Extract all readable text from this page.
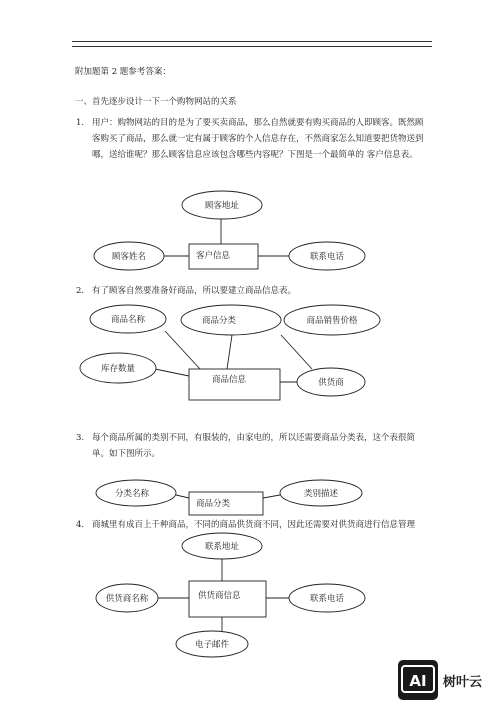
附加题第 2 题参考答案：
一、首先逐步设计一下一个购物网站的关系
1. 用户：购物网站的目的是为了要买卖商品，那么自然就要有购买商品的人即顾客。既然顾客购买了商品，那么就一定有属于顾客的个人信息存在，不然商家怎么知道要把货物送到哪，送给谁呢？那么顾客信息应该包含哪些内容呢？下图是一个最简单的 客户信息表。
顾客地址
顾客姓名	客户信息	联系电话
2. 有了顾客自然要准备好商品，所以要建立商品信息表。
商品名称	商品分类	商品销售价格
库存数量
商品信息	供货商
3. 每个商品所属的类别不同，有服装的，由家电的，所以还需要商品分类表，这个表很简单。如下图所示。
分类名称
商品分类
类别描述
4. 商城里有成百上千种商品，不同的商品供货商不同，因此还需要对供货商进行信息管理
联系地址
供货商名称	供货商信息	联系电话
电子邮件
AI 树叶云
